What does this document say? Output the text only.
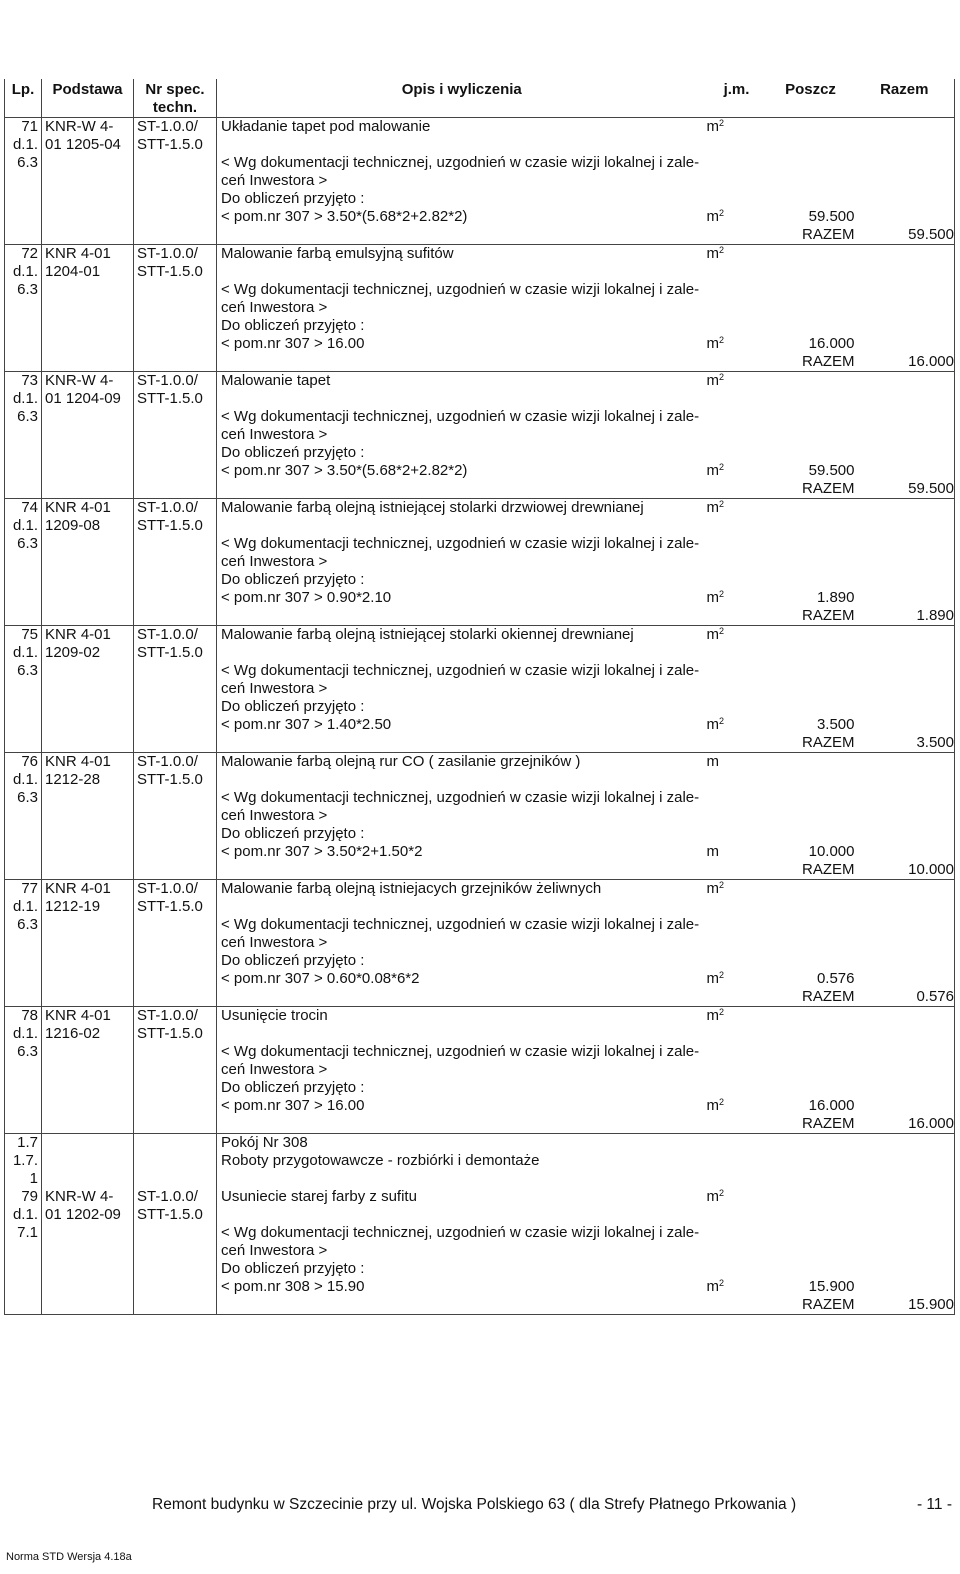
REMONT BIUR PRZEDMIAR	PRZEDMIAR
Lp.	Podstawa	Nr spec. techn.	Opis i wyliczenia	j.m.	Poszcz	Razem
71	KNR-W 4-	ST-1.0.0/	Układanie tapet pod malowanie	$m^2$		
d.1.	01 1205-04	STT-1.5.0				
6.3			< Wg dokumentacji technicznej, uzgodnień w czasie wizji lokalnej i zale-			
			ceń Inwestora >			
			Do obliczeń przyjęto :			
			< pom.nr 307 > 3.50*(5.68*2+2.82*2)	$m^2$	59.500	
					RAZEM	59.500
72	KNR 4-01	ST-1.0.0/	Malowanie farbą emulsyjną sufitów	$m^2$		
d.1.	1204-01	STT-1.5.0				
6.3			< Wg dokumentacji technicznej, uzgodnień w czasie wizji lokalnej i zale-			
			ceń Inwestora >			
			Do obliczeń przyjęto :			
			< pom.nr 307 > 16.00	$m^2$	16.000	
					RAZEM	16.000
73	KNR-W 4-	ST-1.0.0/	Malowanie tapet	$m^2$		
d.1.	01 1204-09	STT-1.5.0				
6.3			< Wg dokumentacji technicznej, uzgodnień w czasie wizji lokalnej i zale-			
			ceń Inwestora >			
			Do obliczeń przyjęto :			
			< pom.nr 307 > 3.50*(5.68*2+2.82*2)	$m^2$	59.500	
					RAZEM	59.500
74	KNR 4-01	ST-1.0.0/	Malowanie farbą olejną istniejącej stolarki drzwiowej drewnianej	$m^2$		
d.1.	1209-08	STT-1.5.0				
6.3			< Wg dokumentacji technicznej, uzgodnień w czasie wizji lokalnej i zale-			
			ceń Inwestora >			
			Do obliczeń przyjęto :			
			< pom.nr 307 > 0.90*2.10	$m^2$	1.890	
					RAZEM	1.890
75	KNR 4-01	ST-1.0.0/	Malowanie farbą olejną istniejącej stolarki okiennej drewnianej	$m^2$		
d.1.	1209-02	STT-1.5.0				
6.3			< Wg dokumentacji technicznej, uzgodnień w czasie wizji lokalnej i zale-			
			ceń Inwestora >			
			Do obliczeń przyjęto :			
			< pom.nr 307 > 1.40*2.50	$m^2$	3.500	
					RAZEM	3.500
76	KNR 4-01	ST-1.0.0/	Malowanie farbą olejną rur CO ( zasilanie grzejników )	m		
d.1.	1212-28	STT-1.5.0				
6.3			< Wg dokumentacji technicznej, uzgodnień w czasie wizji lokalnej i zale-			
			ceń Inwestora >			
			Do obliczeń przyjęto :			
			< pom.nr 307 > 3.50*2+1.50*2	m	10.000	
					RAZEM	10.000
77	KNR 4-01	ST-1.0.0/	Malowanie farbą olejną istniejacych grzejników żeliwnych	$m^2$		
d.1.	1212-19	STT-1.5.0				
6.3			< Wg dokumentacji technicznej, uzgodnień w czasie wizji lokalnej i zale-			
			ceń Inwestora >			
			Do obliczeń przyjęto :			
			< pom.nr 307 > 0.60*0.08*6*2	$m^2$	0.576	
					RAZEM	0.576
78	KNR 4-01	ST-1.0.0/	Usunięcie trocin	$m^2$		
d.1.	1216-02	STT-1.5.0				
6.3			< Wg dokumentacji technicznej, uzgodnień w czasie wizji lokalnej i zale-			
			ceń Inwestora >			
			Do obliczeń przyjęto :			
			< pom.nr 307 > 16.00	$m^2$	16.000	
					RAZEM	16.000
1.7			Pokój Nr 308			
1.7.			Roboty przygotowawcze - rozbiórki i demontaże			
1						
79	KNR-W 4-	ST-1.0.0/	Usuniecie starej farby z sufitu	$m^2$		
d.1.	01 1202-09	STT-1.5.0				
7.1			< Wg dokumentacji technicznej, uzgodnień w czasie wizji lokalnej i zale-			
			ceń Inwestora >			
			Do obliczeń przyjęto :			
			< pom.nr 308 > 15.90	$m^2$	15.900	
					RAZEM	15.900
Remont budynku w Szczecinie przy ul. Wojska Polskiego 63 ( dla Strefy Płatnego Prkowania )	- 11 -
Norma STD Wersja 4.18a
